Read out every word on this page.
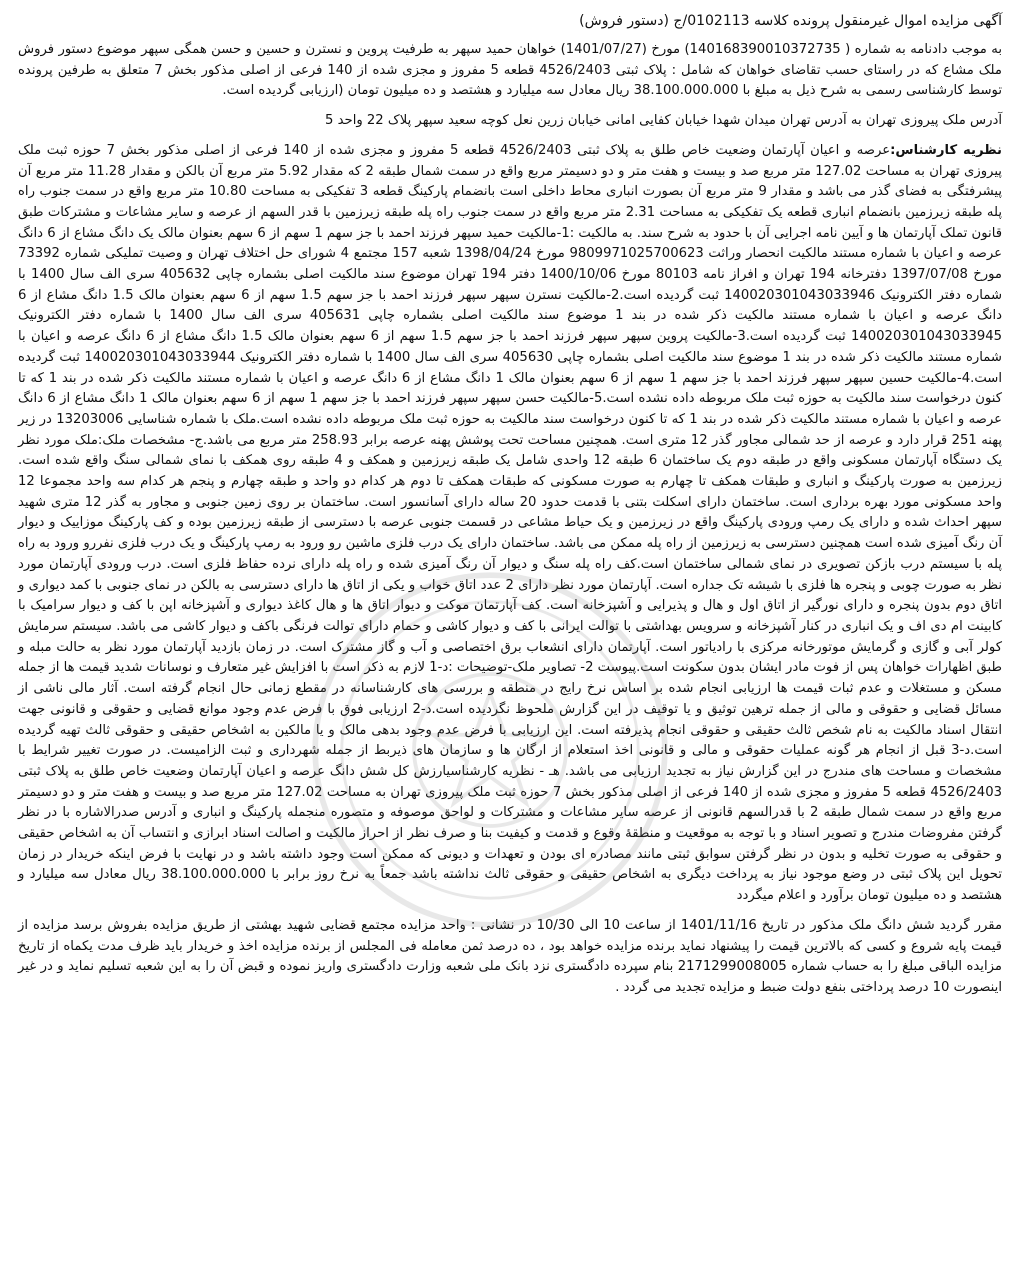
آگهی مزایده اموال غیرمنقول پرونده کلاسه 0102113/ج (دستور فروش)

به موجب دادنامه به شماره ( 140168390010372735) مورخ (1401/07/27) خواهان حمید سپهر به طرفیت پروین و نسترن و حسین و حسن همگی سپهر موضوع دستور فروش ملک مشاع که در راستای حسب تقاضای خواهان که شامل : پلاک ثبتی 4526/2403 قطعه 5 مفروز و مجزی شده از 140 فرعی از اصلی مذکور بخش 7 متعلق به طرفین پرونده توسط کارشناسی رسمی به شرح ذیل به مبلغ با 38.100.000.000 ریال معادل سه میلیارد و هشتصد و ده میلیون تومان (ارزیابی گردیده است.

آدرس ملک پیروزی تهران به آدرس تهران میدان شهدا خیابان کفایی امانی خیابان زرین نعل کوچه سعید سپهر پلاک 22 واحد 5

نظریه کارشناس:عرصه و اعیان آپارتمان وضعیت خاص طلق به پلاک ثبتی 4526/2403 قطعه 5 مفروز و مجزی شده از 140 فرعی از اصلی مذکور بخش 7 حوزه ثبت ملک پیروزی تهران به مساحت 127.02 متر مربع صد و بیست و هفت متر و دو دسیمتر مربع واقع در سمت شمال طبقه 2 که مقدار 5.92 متر مربع آن بالکن و مقدار 11.28 متر مربع آن پیشرفتگی به فضای گذر می باشد و مقدار 9 متر مربع آن بصورت انباری محاط داخلی است بانضمام پارکینگ قطعه 3 تفکیکی به مساحت 10.80 متر مربع واقع در سمت جنوب راه پله طبقه زیرزمین بانضمام انباری قطعه یک تفکیکی به مساحت 2.31 متر مربع واقع در سمت جنوب راه پله طبقه زیرزمین با قدر السهم از عرصه و سایر مشاعات و مشترکات طبق قانون تملک آپارتمان ها و آیین نامه اجرایی آن با حدود به شرح سند. به مالکیت :1-مالکیت حمید سپهر فرزند احمد با جز سهم 1 سهم از 6 سهم بعنوان مالک یک دانگ مشاع از 6 دانگ عرصه و اعیان با شماره مستند مالکیت انحصار وراثت 9809971025700623 مورخ 1398/04/24 شعبه 157 مجتمع 4 شورای حل اختلاف تهران و وصیت تملیکی شماره 73392 مورخ 1397/07/08 دفترخانه 194 تهران و افراز نامه 80103 مورخ 1400/10/06 دفتر 194 تهران موضوع سند مالکیت اصلی بشماره چاپی 405632 سری الف سال 1400 با شماره دفتر الکترونیک 140020301043033946 ثبت گردیده است.2-مالکیت نسترن سپهر سپهر فرزند احمد با جز سهم 1.5 سهم از 6 سهم بعنوان مالک 1.5 دانگ مشاع از 6 دانگ عرصه و اعیان با شماره مستند مالکیت ذکر شده در بند 1 موضوع سند مالکیت اصلی بشماره چاپی 405631 سری الف سال 1400 با شماره دفتر الکترونیک 140020301043033945 ثبت گردیده است.3-مالکیت پروین سپهر سپهر فرزند احمد با جز سهم 1.5 سهم از 6 سهم بعنوان مالک 1.5 دانگ مشاع از 6 دانگ عرصه و اعیان با شماره مستند مالکیت ذکر شده در بند 1 موضوع سند مالکیت اصلی بشماره چاپی 405630 سری الف سال 1400 با شماره دفتر الکترونیک 140020301043033944 ثبت گردیده است.4-مالکیت حسین سپهر سپهر فرزند احمد با جز سهم 1 سهم از 6 سهم بعنوان مالک 1 دانگ مشاع از 6 دانگ عرصه و اعیان با شماره مستند مالکیت ذکر شده در بند 1 که تا کنون درخواست سند مالکیت به حوزه ثبت ملک مربوطه داده نشده است.5-مالکیت حسن سپهر سپهر فرزند احمد با جز سهم 1 سهم از 6 سهم بعنوان مالک 1 دانگ مشاع از 6 دانگ عرصه و اعیان با شماره مستند مالکیت ذکر شده در بند 1 که تا کنون درخواست سند مالکیت به حوزه ثبت ملک مربوطه داده نشده است.ملک با شماره شناسایی 13203006 در زیر پهنه 251 قرار دارد و عرصه از حد شمالی مجاور گذر 12 متری است. همچنین مساحت تحت پوشش پهنه عرصه برابر 258.93 متر مربع می باشد.ج- مشخصات ملک:ملک مورد نظر یک دستگاه آپارتمان مسکونی واقع در طبقه دوم یک ساختمان 6 طبقه 12 واحدی شامل یک طبقه زیرزمین و همکف و 4 طبقه روی همکف با نمای شمالی سنگ واقع شده است. زیرزمین به صورت پارکینگ و انباری و طبقات همکف تا چهارم به صورت مسکونی که طبقات همکف تا دوم هر کدام دو واحد و طبقه چهارم و پنجم هر کدام سه واحد مجموعا 12 واحد مسکونی مورد بهره برداری است. ساختمان دارای اسکلت بتنی با قدمت حدود 20 ساله دارای آسانسور است. ساختمان بر روی زمین جنوبی و مجاور به گذر 12 متری شهید سپهر احداث شده و دارای یک رمپ ورودی پارکینگ واقع در زیرزمین و یک حیاط مشاعی در قسمت جنوبی عرصه با دسترسی از طبقه زیرزمین بوده و کف پارکینگ موزاییک و دیوار آن رنگ آمیزی شده است همچنین دسترسی به زیرزمین از راه پله ممکن می باشد. ساختمان دارای یک درب فلزی ماشین رو ورود به رمپ پارکینگ و یک درب فلزی نفررو ورود به راه پله با سیستم درب بازکن تصویری در نمای شمالی ساختمان است.کف راه پله سنگ و دیوار آن رنگ آمیزی شده و راه پله دارای نرده حفاظ فلزی است. درب ورودی آپارتمان مورد نظر به صورت چوبی و پنجره ها فلزی با شیشه تک جداره است. آپارتمان مورد نظر دارای 2 عدد اتاق خواب و یکی از اتاق ها دارای دسترسی به بالکن در نمای جنوبی با کمد دیواری و اتاق دوم بدون پنجره و دارای نورگیر از اتاق اول و هال و پذیرایی و آشپزخانه است. کف آپارتمان موکت و دیوار اتاق ها و هال کاغذ دیواری و آشپزخانه اپن با کف و دیوار سرامیک با کابینت ام دی اف و یک انباری در کنار آشپزخانه و سرویس بهداشتی با توالت ایرانی با کف و دیوار کاشی و حمام دارای توالت فرنگی باکف و دیوار کاشی می باشد. سیستم سرمایش کولر آبی و گازی و گرمایش موتورخانه مرکزی با رادیاتور است. آپارتمان دارای انشعاب برق اختصاصی و آب و گاز مشترک است. در زمان بازدید آپارتمان مورد نظر به حالت مبله و طبق اظهارات خواهان پس از فوت مادر ایشان بدون سکونت است.پیوست 2- تصاویر ملک-توضیحات :د-1 لازم به ذکر است با افزایش غیر متعارف و نوسانات شدید قیمت ها از جمله مسکن و مستغلات و عدم ثبات قیمت ها ارزیابی انجام شده بر اساس نرخ رایج در منطقه و بررسی های کارشناسانه در مقطع زمانی حال انجام گرفته است. آثار مالی ناشی از مسائل قضایی و حقوقی و مالی از جمله ترهین توثیق و یا توقیف در این گزارش ملحوظ نگردیده است.د-2 ارزیابی فوق با فرض عدم وجود موانع قضایی و حقوقی و قانونی جهت انتقال اسناد مالکیت به نام شخص ثالث حقیقی و حقوقی انجام پذیرفته است. این ارزیابی با فرض عدم وجود بدهی مالک و یا مالکین به اشخاص حقیقی و حقوقی ثالث تهیه گردیده است.د-3 قبل از انجام هر گونه عملیات حقوقی و مالی و قانونی اخذ استعلام از ارگان ها و سازمان های ذیربط از جمله شهرداری و ثبت الزامیست. در صورت تغییر شرایط با مشخصات و مساحت های مندرج در این گزارش نیاز به تجدید ارزیابی می باشد. هـ - نظریه کارشناسیارزش کل شش دانگ عرصه و اعیان آپارتمان وضعیت خاص طلق به پلاک ثبتی 4526/2403 قطعه 5 مفروز و مجزی شده از 140 فرعی از اصلی مذکور بخش 7 حوزه ثبت ملک پیروزی تهران به مساحت 127.02 متر مربع صد و بیست و هفت متر و دو دسیمتر مربع واقع در سمت شمال طبقه 2 با قدرالسهم قانونی از عرصه سایر مشاعات و مشترکات و لواحق موصوفه و متصوره منجمله پارکینگ و انباری و آدرس صدرالاشاره با در نظر گرفتن مفروضات مندرج و تصویر اسناد و با توجه به موقعیت و منطقۀ وقوع و قدمت و کیفیت بنا و صرف نظر از احراز مالکیت و اصالت اسناد ابرازی و انتساب آن به اشخاص حقیقی و حقوقی به صورت تخلیه و بدون در نظر گرفتن سوابق ثبتی مانند مصادره ای بودن و تعهدات و دیونی که ممکن است وجود داشته باشد و در نهایت با فرض اینکه خریدار در زمان تحویل این پلاک ثبتی در وضع موجود نیاز به پرداخت دیگری به اشخاص حقیقی و حقوقی ثالث نداشته باشد جمعاً به نرخ روز برابر با 38.100.000.000 ریال معادل سه میلیارد و هشتصد و ده میلیون تومان برآورد و اعلام میگردد

مقرر گردید شش دانگ ملک مذکور در تاریخ 1401/11/16 از ساعت 10 الی 10/30 در نشانی : واحد مزایده مجتمع قضایی شهید بهشتی از طریق مزایده بفروش برسد مزایده از قیمت پایه شروع و کسی که بالاترین قیمت را پیشنهاد نماید برنده مزایده خواهد بود ، ده درصد ثمن معامله فی المجلس از برنده مزایده اخذ و خریدار باید ظرف مدت یکماه از تاریخ مزایده الباقی مبلغ را به حساب شماره 2171299008005 بنام سپرده دادگستری نزد بانک ملی شعبه وزارت دادگستری واریز نموده و قبض آن را به این شعبه تسلیم نماید و در غیر اینصورت 10 درصد پرداختی بنفع دولت ضبط و مزایده تجدید می گردد .
